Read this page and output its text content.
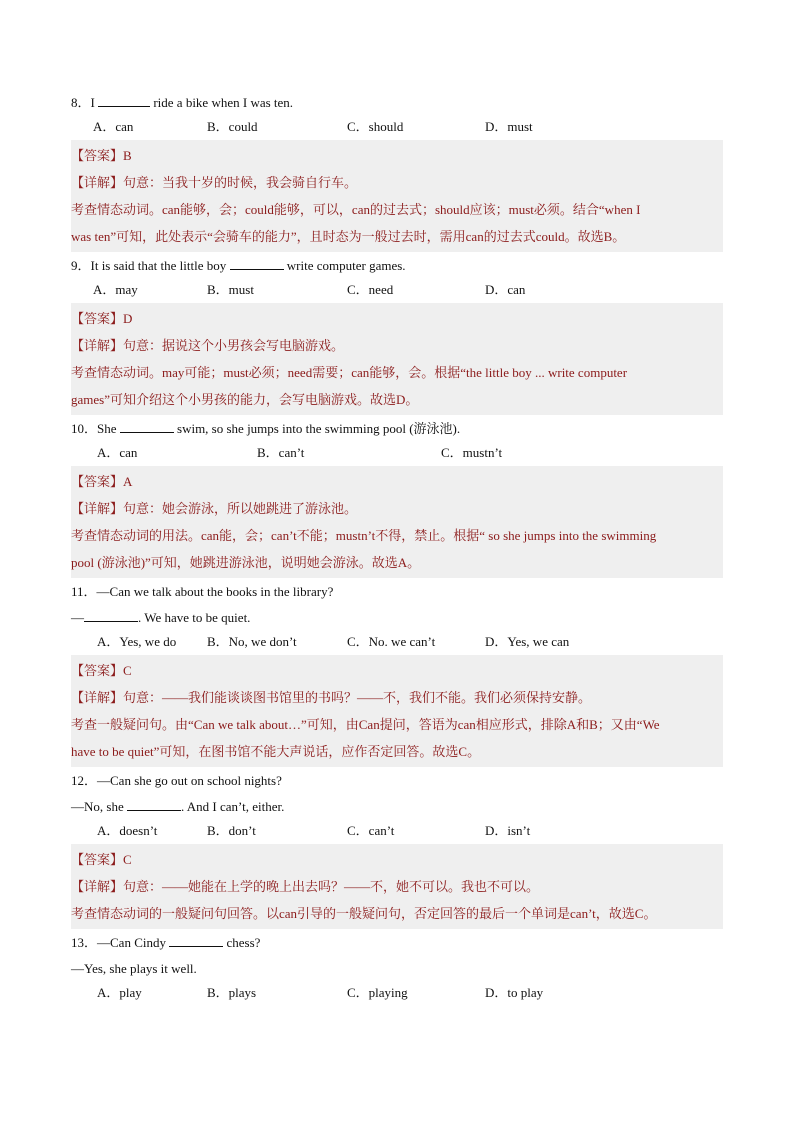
8．I	ride a bike when I was ten.
A．can	B．could	C．should	D．must
【答案】B
【详解】句意：当我十岁的时候，我会骑自行车。
考查情态动词。can能够，会；could能够，可以，can的过去式；should应该；must必须。结合“when I
was ten”可知，此处表示“会骑车的能力”，且时态为一般过去时，需用can的过去式could。故选B。
9．It is said that the little boy	write computer games.
A．may	B．must	C．need	D．can
【答案】D
【详解】句意：据说这个小男孩会写电脑游戏。
考查情态动词。may可能；must必须；need需要；can能够，会。根据“the little boy ... write computer
games”可知介绍这个小男孩的能力，会写电脑游戏。故选D。
10．She	swim, so she jumps into the swimming pool (游泳池).
A．can	B．can’t	C．mustn’t
【答案】A
【详解】句意：她会游泳，所以她跳进了游泳池。
考查情态动词的用法。can能，会；can’t不能；mustn’t不得，禁止。根据“ so she jumps into the swimming
pool (游泳池)”可知，她跳进游泳池，说明她会游泳。故选A。
11．—Can we talk about the books in the library?
—	. We have to be quiet.
A．Yes, we do B．No, we don’t	C．No. we can’t	D．Yes, we can
【答案】C
【详解】句意：——我们能谈谈图书馆里的书吗？——不，我们不能。我们必须保持安静。
考查一般疑问句。由“Can we talk about…”可知，由Can提问，答语为can相应形式，排除A和B；又由“We
have to be quiet”可知，在图书馆不能大声说话，应作否定回答。故选C。
12．—Can she go out on school nights?
—No, she	. And I can’t, either.
A．doesn’t	B．don’t	C．can’t	D．isn’t
【答案】C
【详解】句意：——她能在上学的晚上出去吗？——不，她不可以。我也不可以。
考查情态动词的一般疑问句回答。以can引导的一般疑问句，否定回答的最后一个单词是can’t，故选C。
13．—Can Cindy	chess?
—Yes, she plays it well.
A．play	B．plays	C．playing	D．to play
